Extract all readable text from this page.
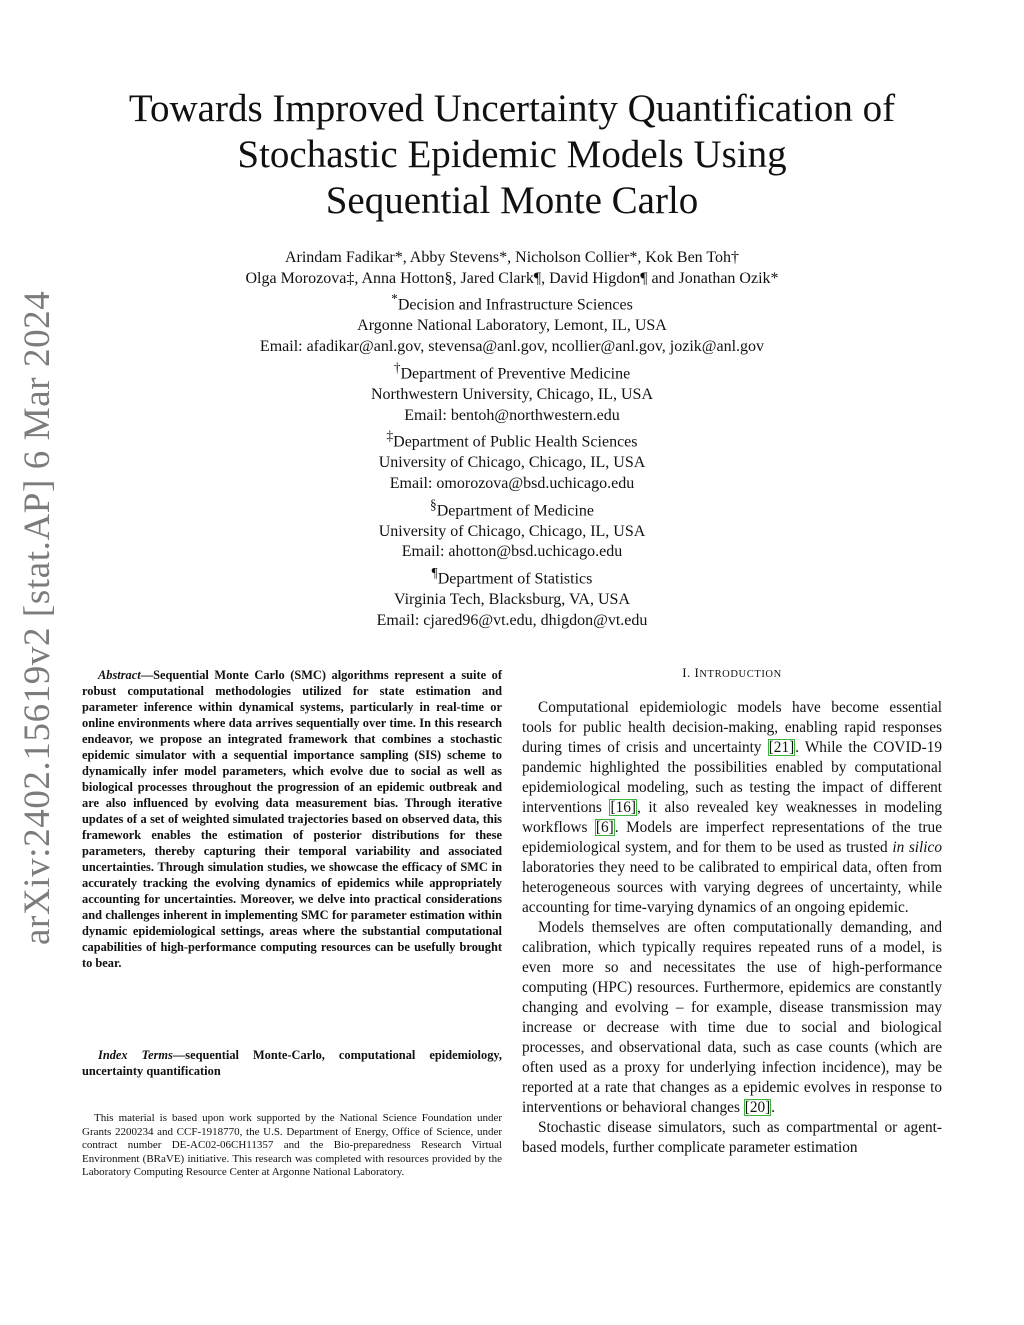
arXiv:2402.15619v2 [stat.AP] 6 Mar 2024
Towards Improved Uncertainty Quantification of
Stochastic Epidemic Models Using
Sequential Monte Carlo
Arindam Fadikar*, Abby Stevens*, Nicholson Collier*, Kok Ben Toh†
Olga Morozova‡, Anna Hotton§, Jared Clark¶, David Higdon¶ and Jonathan Ozik*
*Decision and Infrastructure Sciences
Argonne National Laboratory, Lemont, IL, USA
Email: afadikar@anl.gov, stevensa@anl.gov, ncollier@anl.gov, jozik@anl.gov
†Department of Preventive Medicine
Northwestern University, Chicago, IL, USA
Email: bentoh@northwestern.edu
‡Department of Public Health Sciences
University of Chicago, Chicago, IL, USA
Email: omorozova@bsd.uchicago.edu
§Department of Medicine
University of Chicago, Chicago, IL, USA
Email: ahotton@bsd.uchicago.edu
¶Department of Statistics
Virginia Tech, Blacksburg, VA, USA
Email: cjared96@vt.edu, dhigdon@vt.edu

Abstract—Sequential Monte Carlo (SMC) algorithms represent a suite of robust computational methodologies utilized for state estimation and parameter inference within dynamical systems, particularly in real-time or online environments where data arrives sequentially over time. In this research endeavor, we propose an integrated framework that combines a stochastic epidemic simulator with a sequential importance sampling (SIS) scheme to dynamically infer model parameters, which evolve due to social as well as biological processes throughout the progression of an epidemic outbreak and are also influenced by evolving data measurement bias. Through iterative updates of a set of weighted simulated trajectories based on observed data, this framework enables the estimation of posterior distributions for these parameters, thereby capturing their temporal variability and associated uncertainties. Through simulation studies, we showcase the efficacy of SMC in accurately tracking the evolving dynamics of epidemics while appropriately accounting for uncertainties. Moreover, we delve into practical considerations and challenges inherent in implementing SMC for parameter estimation within dynamic epidemiological settings, areas where the substantial computational capabilities of high-performance computing resources can be usefully brought to bear.

Index Terms—sequential Monte-Carlo, computational epidemiology, uncertainty quantification

This material is based upon work supported by the National Science Foundation under Grants 2200234 and CCF-1918770, the U.S. Department of Energy, Office of Science, under contract number DE-AC02-06CH11357 and the Bio-preparedness Research Virtual Environment (BRaVE) initiative. This research was completed with resources provided by the Laboratory Computing Resource Center at Argonne National Laboratory.

I. INTRODUCTION

Computational epidemiologic models have become essential tools for public health decision-making, enabling rapid responses during times of crisis and uncertainty [21]. While the COVID-19 pandemic highlighted the possibilities enabled by computational epidemiological modeling, such as testing the impact of different interventions [16], it also revealed key weaknesses in modeling workflows [6]. Models are imperfect representations of the true epidemiological system, and for them to be used as trusted in silico laboratories they need to be calibrated to empirical data, often from heterogeneous sources with varying degrees of uncertainty, while accounting for time-varying dynamics of an ongoing epidemic.

Models themselves are often computationally demanding, and calibration, which typically requires repeated runs of a model, is even more so and necessitates the use of high-performance computing (HPC) resources. Furthermore, epidemics are constantly changing and evolving – for example, disease transmission may increase or decrease with time due to social and biological processes, and observational data, such as case counts (which are often used as a proxy for underlying infection incidence), may be reported at a rate that changes as a epidemic evolves in response to interventions or behavioral changes [20].

Stochastic disease simulators, such as compartmental or agent-based models, further complicate parameter estimation
